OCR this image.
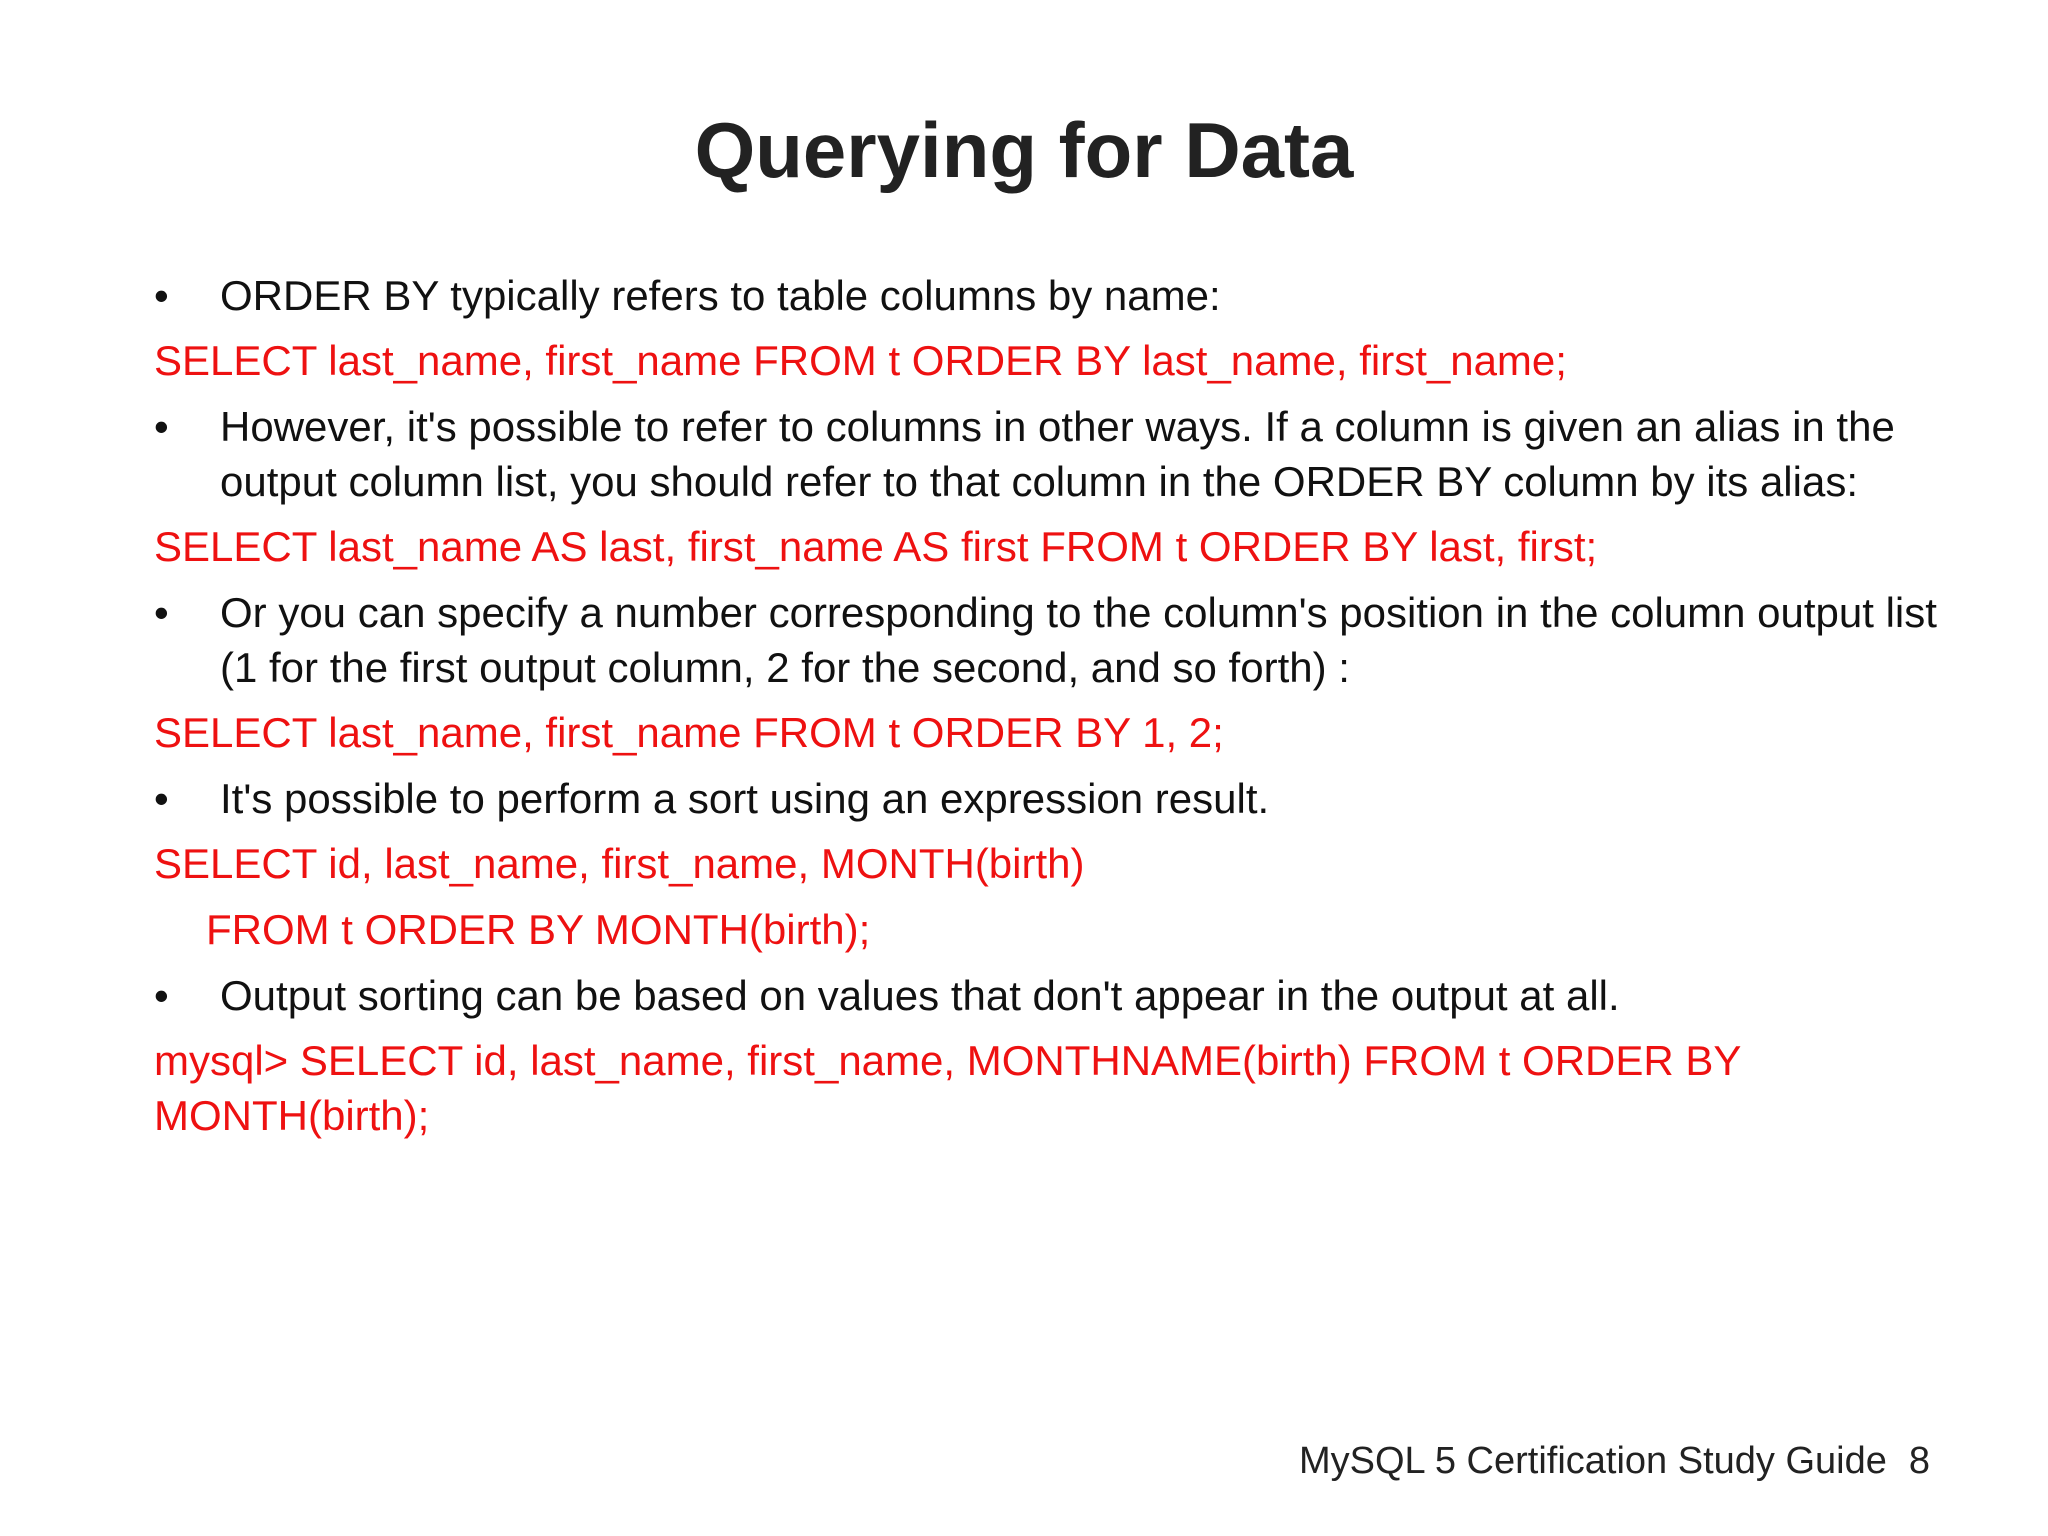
Querying for Data
•	ORDER BY typically refers to table columns by name:
SELECT last_name, first_name FROM t ORDER BY last_name, first_name;
•	However, it's possible to refer to columns in other ways. If a column is given an alias in the output column list, you should refer to that column in the ORDER BY column by its alias:
SELECT last_name AS last, first_name AS first FROM t ORDER BY last, first;
•	Or you can specify a number corresponding to the column's position in the column output list (1 for the first output column, 2 for the second, and so forth) :
SELECT last_name, first_name FROM t ORDER BY 1, 2;
•	It's possible to perform a sort using an expression result.
SELECT id, last_name, first_name, MONTH(birth)
FROM t ORDER BY MONTH(birth);
•	Output sorting can be based on values that don't appear in the output at all.
mysql> SELECT id, last_name, first_name, MONTHNAME(birth) FROM t ORDER BY MONTH(birth);
MySQL 5 Certification Study Guide 8
